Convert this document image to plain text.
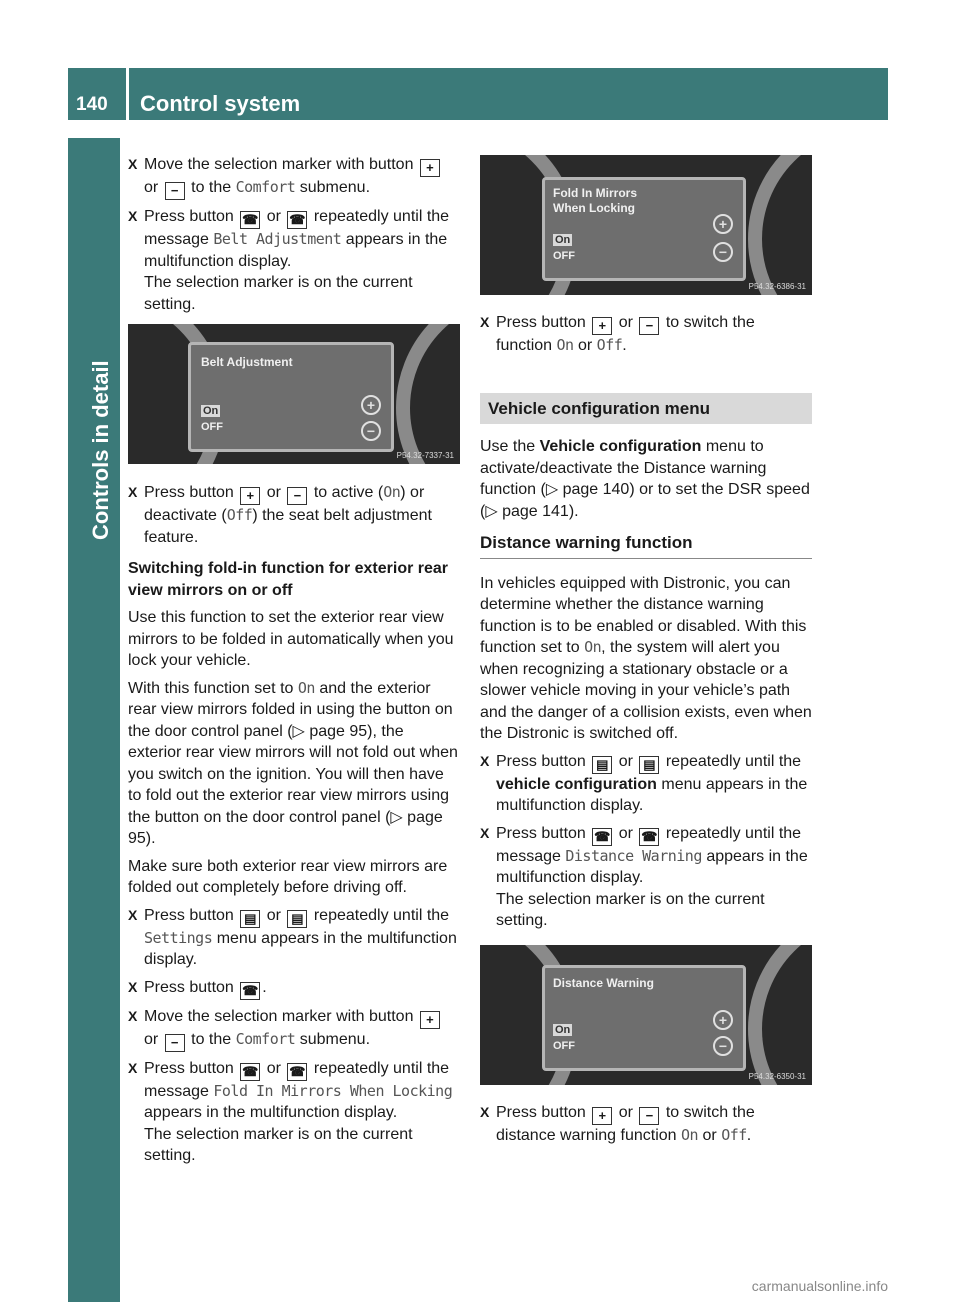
140 Control system
Controls in detail
X Move the selection marker with button + or − to the Comfort submenu.
X Press button ☎ or ☎ repeatedly until the message Belt Adjustment appears in the multifunction display.
The selection marker is on the current setting.
Belt Adjustment
On
OFF
+
−
P54.32-7337-31
X Press button + or − to active (On) or deactivate (Off) the seat belt adjustment feature.
Switching fold-in function for exterior rear view mirrors on or off

Use this function to set the exterior rear view mirrors to be folded in automatically when you lock your vehicle.

With this function set to On and the exterior rear view mirrors folded in using the button on the door control panel (▷ page 95), the exterior rear view mirrors will not fold out when you switch on the ignition. You will then have to fold out the exterior rear view mirrors using the button on the door control panel (▷ page 95).

Make sure both exterior rear view mirrors are folded out completely before driving off.

X Press button ▤ or ▤ repeatedly until the Settings menu appears in the multifunction display.
X Press button ☎ .
X Move the selection marker with button + or − to the Comfort submenu.
X Press button ☎ or ☎ repeatedly until the message Fold In Mirrors When Locking appears in the multifunction display.
The selection marker is on the current setting.
Fold In Mirrors When Locking
On
OFF
+
−
P54.32-6386-31
X Press button + or − to switch the function On or Off.
Vehicle configuration menu

Use the Vehicle configuration menu to activate/deactivate the Distance warning function (▷ page 140) or to set the DSR speed (▷ page 141).

Distance warning function

In vehicles equipped with Distronic, you can determine whether the distance warning function is to be enabled or disabled. With this function set to On, the system will alert you when recognizing a stationary obstacle or a slower vehicle moving in your vehicle’s path and the danger of a collision exists, even when the Distronic is switched off.

X Press button ▤ or ▤ repeatedly until the vehicle configuration menu appears in the multifunction display.
X Press button ☎ or ☎ repeatedly until the message Distance Warning appears in the multifunction display.
The selection marker is on the current setting.
Distance Warning
On
OFF
+
−
P54.32-6350-31
X Press button + or − to switch the distance warning function On or Off.
carmanualsonline.info
